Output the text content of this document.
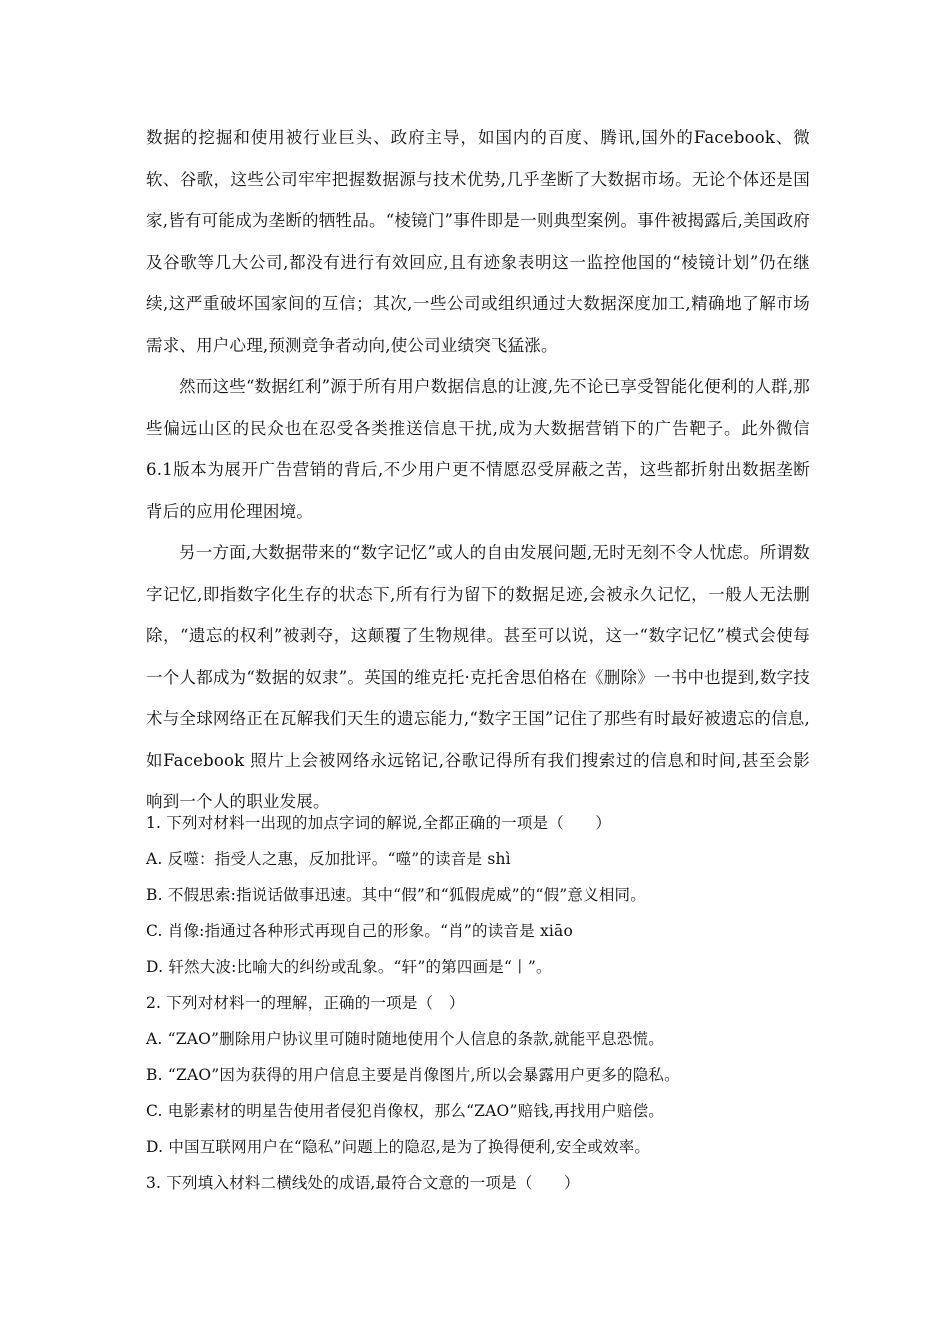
数据的挖掘和使用被行业巨头、政府主导，如国内的百度、腾讯,国外的Facebook、微软、谷歌，这些公司牢牢把握数据源与技术优势,几乎垄断了大数据市场。无论个体还是国家,皆有可能成为垄断的牺牲品。“棱镜门”事件即是一则典型案例。事件被揭露后,美国政府及谷歌等几大公司,都没有进行有效回应,且有迹象表明这一监控他国的“棱镜计划”仍在继续,这严重破坏国家间的互信；其次,一些公司或组织通过大数据深度加工,精确地了解市场需求、用户心理,预测竞争者动向,使公司业绩突飞猛涨。

然而这些“数据红利”源于所有用户数据信息的让渡,先不论已享受智能化便利的人群,那些偏远山区的民众也在忍受各类推送信息干扰,成为大数据营销下的广告靶子。此外微信6.1版本为展开广告营销的背后,不少用户更不情愿忍受屏蔽之苦，这些都折射出数据垄断背后的应用伦理困境。

另一方面,大数据带来的“数字记忆”或人的自由发展问题,无时无刻不令人忧虑。所谓数字记忆,即指数字化生存的状态下,所有行为留下的数据足迹,会被永久记忆，一般人无法删除，“遗忘的权利”被剥夺，这颠覆了生物规律。甚至可以说，这一“数字记忆”模式会使每一个人都成为“数据的奴隶”。英国的维克托·克托舍思伯格在《删除》一书中也提到,数字技术与全球网络正在瓦解我们天生的遗忘能力,“数字王国”记住了那些有时最好被遗忘的信息,如Facebook 照片上会被网络永远铭记,谷歌记得所有我们搜索过的信息和时间,甚至会影响到一个人的职业发展。

1. 下列对材料一出现的加点字词的解说,全都正确的一项是（　　）

A. 反噬：指受人之惠，反加批评。“噬”的读音是 shì

B. 不假思索:指说话做事迅速。其中“假”和“狐假虎威”的“假”意义相同。

C. 肖像:指通过各种形式再现自己的形象。“肖”的读音是 xiāo

D. 轩然大波:比喻大的纠纷或乱象。“轩”的第四画是“丨”。

2. 下列对材料一的理解，正确的一项是（　）

A. “ZAO”删除用户协议里可随时随地使用个人信息的条款,就能平息恐慌。

B. “ZAO”因为获得的用户信息主要是肖像图片,所以会暴露用户更多的隐私。

C. 电影素材的明星告使用者侵犯肖像权，那么“ZAO”赔钱,再找用户赔偿。

D. 中国互联网用户在“隐私”问题上的隐忍,是为了换得便利,安全或效率。

3. 下列填入材料二横线处的成语,最符合文意的一项是（　　）
